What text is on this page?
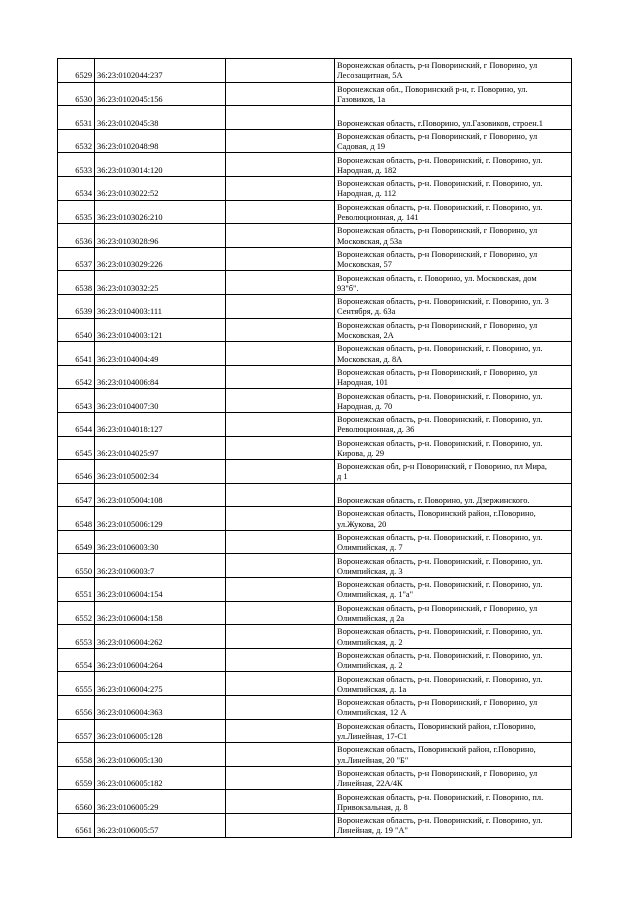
6529	36:23:0102044:237		Воронежская область, р-н Поворинский, г Поворино, ул
Лесозащитная, 5А
6530	36:23:0102045:156		Воронежская обл., Поворинский р-н, г. Поворино, ул.
Газовиков, 1а
6531	36:23:0102045:38		Воронежская область, г.Поворино, ул.Газовиков, строен.1
6532	36:23:0102048:98		Воронежская область, р-н Поворинский, г Поворино, ул
Садовая, д 19
6533	36:23:0103014:120		Воронежская область, р-н. Поворинский, г. Поворино, ул.
Народная, д. 182
6534	36:23:0103022:52		Воронежская область, р-н. Поворинский, г. Поворино, ул.
Народная, д. 112
6535	36:23:0103026:210		Воронежская область, р-н. Поворинский, г. Поворино, ул.
Революционная, д. 141
6536	36:23:0103028:96		Воронежская область, р-н Поворинский, г Поворино, ул
Московская, д 53а
6537	36:23:0103029:226		Воронежская область, р-н Поворинский, г Поворино, ул
Московская, 57
6538	36:23:0103032:25		Воронежская область, г. Поворино, ул. Московская, дом
93"б".
6539	36:23:0104003:111		Воронежская область, р-н. Поворинский, г. Поворино, ул. 3
Сентября, д. 63а
6540	36:23:0104003:121		Воронежская область, р-н Поворинский, г Поворино, ул
Московская, 2А
6541	36:23:0104004:49		Воронежская область, р-н. Поворинский, г. Поворино, ул.
Московская, д. 8А
6542	36:23:0104006:84		Воронежская область, р-н Поворинский, г Поворино, ул
Народная, 101
6543	36:23:0104007:30		Воронежская область, р-н. Поворинский, г. Поворино, ул.
Народная, д. 70
6544	36:23:0104018:127		Воронежская область, р-н. Поворинский, г. Поворино, ул.
Революционная, д. 36
6545	36:23:0104025:97		Воронежская область, р-н. Поворинский, г. Поворино, ул.
Кирова, д. 29
6546	36:23:0105002:34		Воронежская обл, р-н Поворинский, г Поворино, пл Мира,
д 1
6547	36:23:0105004:108		Воронежская область, г. Поворино, ул. Дзержинского.
6548	36:23:0105006:129		Воронежская область, Поворинский район, г.Поворино,
ул.Жукова, 20
6549	36:23:0106003:30		Воронежская область, р-н. Поворинский, г. Поворино, ул.
Олимпийская, д. 7
6550	36:23:0106003:7		Воронежская область, р-н. Поворинский, г. Поворино, ул.
Олимпийская, д. 3
6551	36:23:0106004:154		Воронежская область, р-н. Поворинский, г. Поворино, ул.
Олимпийская, д. 1"а"
6552	36:23:0106004:158		Воронежская область, р-н Поворинский, г Поворино, ул
Олимпийская, д 2а
6553	36:23:0106004:262		Воронежская область, р-н. Поворинский, г. Поворино, ул.
Олимпийская, д. 2
6554	36:23:0106004:264		Воронежская область, р-н. Поворинский, г. Поворино, ул.
Олимпийская, д. 2
6555	36:23:0106004:275		Воронежская область, р-н. Поворинский, г. Поворино, ул.
Олимпийская, д. 1а
6556	36:23:0106004:363		Воронежская область, р-н Поворинский, г Поворино, ул
Олимпийская, 12 А
6557	36:23:0106005:128		Воронежская область, Поворинский район, г.Поворино,
ул.Линейная, 17-С1
6558	36:23:0106005:130		Воронежская область, Поворинский район, г.Поворино,
ул.Линейная, 20 "Б"
6559	36:23:0106005:182		Воронежская область, р-н Поворинский, г Поворино, ул
Линейная, 22А/4К
6560	36:23:0106005:29		Воронежская область, р-н. Поворинский, г. Поворино, пл.
Привокзальная, д. 8
6561	36:23:0106005:57		Воронежская область, р-н. Поворинский, г. Поворино, ул.
Линейная, д. 19 "А"
